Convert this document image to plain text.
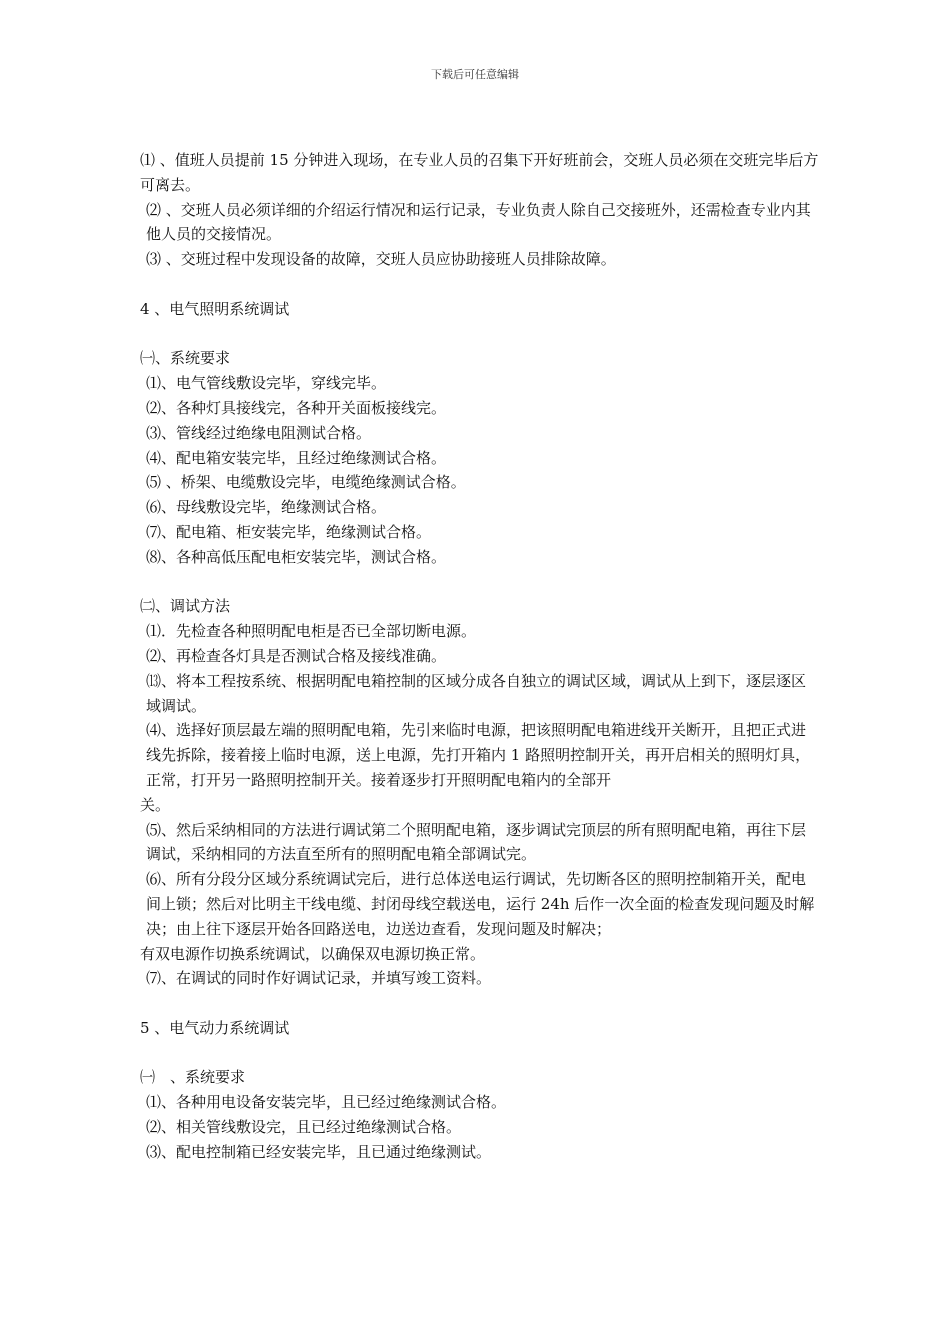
下载后可任意编辑

⑴ 、值班人员提前 15 分钟进入现场，在专业人员的召集下开好班前会，交班人员必须在交班完毕后方可离去。

⑵ 、交班人员必须详细的介绍运行情况和运行记录，专业负责人除自己交接班外，还需检查专业内其他人员的交接情况。

⑶ 、交班过程中发现设备的故障，交班人员应协助接班人员排除故障。

4 、电气照明系统调试

㈠、系统要求

⑴、电气管线敷设完毕，穿线完毕。

⑵、各种灯具接线完，各种开关面板接线完。

⑶、管线经过绝缘电阻测试合格。

⑷、配电箱安装完毕，且经过绝缘测试合格。

⑸ 、桥架、电缆敷设完毕，电缆绝缘测试合格。

⑹、母线敷设完毕，绝缘测试合格。

⑺、配电箱、柜安装完毕，绝缘测试合格。

⑻、各种高低压配电柜安装完毕，测试合格。

㈡、调试方法

⑴．先检查各种照明配电柜是否已全部切断电源。

⑵、再检查各灯具是否测试合格及接线准确。

⒀、将本工程按系统、根据明配电箱控制的区域分成各自独立的调试区域，调试从上到下，逐层逐区域调试。

⑷、选择好顶层最左端的照明配电箱，先引来临时电源，把该照明配电箱进线开关断开，且把正式进线先拆除，接着接上临时电源，送上电源，先打开箱内 1 路照明控制开关，再开启相关的照明灯具，正常，打开另一路照明控制开关。接着逐步打开照明配电箱内的全部开

关。

⑸、然后采纳相同的方法进行调试第二个照明配电箱，逐步调试完顶层的所有照明配电箱，再往下层调试，采纳相同的方法直至所有的照明配电箱全部调试完。

⑹、所有分段分区域分系统调试完后，进行总体送电运行调试，先切断各区的照明控制箱开关，配电间上锁；然后对比明主干线电缆、封闭母线空载送电，运行 24h 后作一次全面的检查发现问题及时解 决；由上往下逐层开始各回路送电，边送边查看，发现问题及时解决；

有双电源作切换系统调试，以确保双电源切换正常。

⑺、在调试的同时作好调试记录，并填写竣工资料。

5 、电气动力系统调试

㈠　、系统要求

⑴、各种用电设备安装完毕，且已经过绝缘测试合格。

⑵、相关管线敷设完，且已经过绝缘测试合格。

⑶、配电控制箱已经安装完毕，且已通过绝缘测试。
